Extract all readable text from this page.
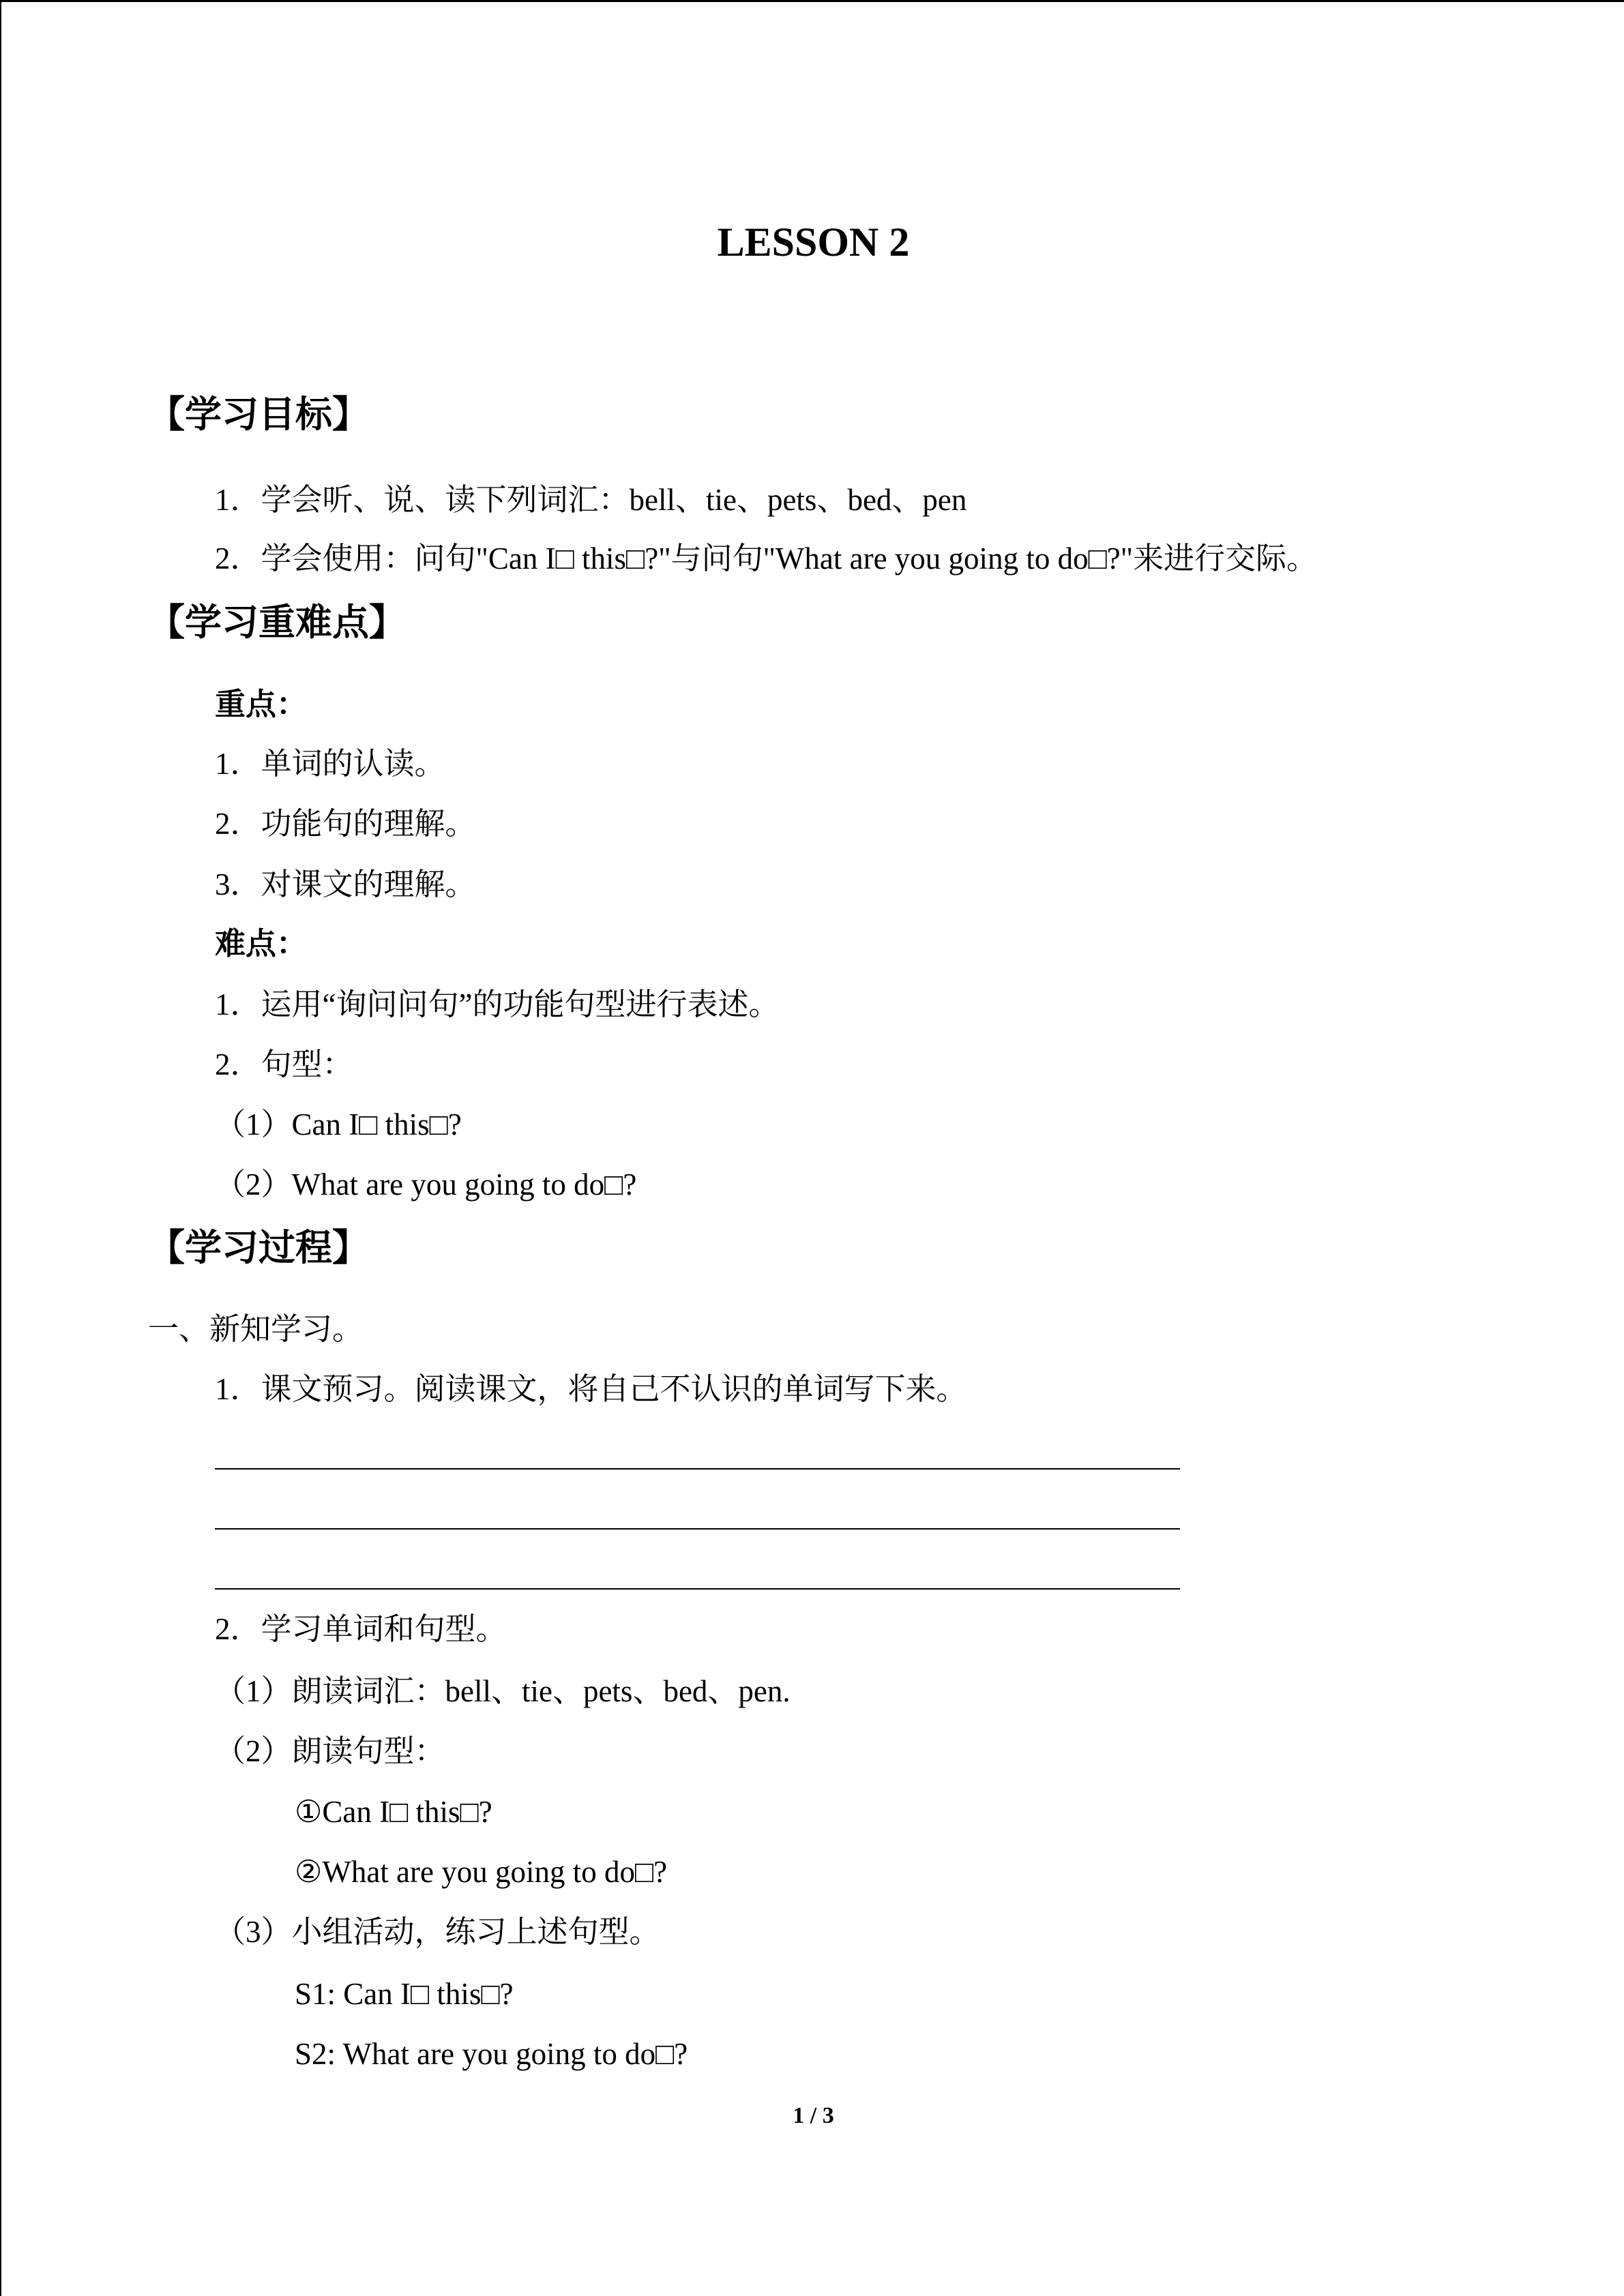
LESSON 2
【学习目标】
1．学会听、说、读下列词汇：bell、tie、pets、bed、pen
2．学会使用：问句"Can I□ this□?"与问句"What are you going to do□?"来进行交际。
【学习重难点】
重点：
1．单词的认读。
2．功能句的理解。
3．对课文的理解。
难点：
1．运用“询问问句”的功能句型进行表述。
2．句型：
（1）Can I□ this□?
（2）What are you going to do□?
【学习过程】
一、新知学习。
1．课文预习。阅读课文，将自己不认识的单词写下来。
2．学习单词和句型。
（1）朗读词汇：bell、tie、pets、bed、pen.
（2）朗读句型：
①Can I□ this□?
②What are you going to do□?
（3）小组活动，练习上述句型。
S1: Can I□ this□?
S2: What are you going to do□?
1 / 3
